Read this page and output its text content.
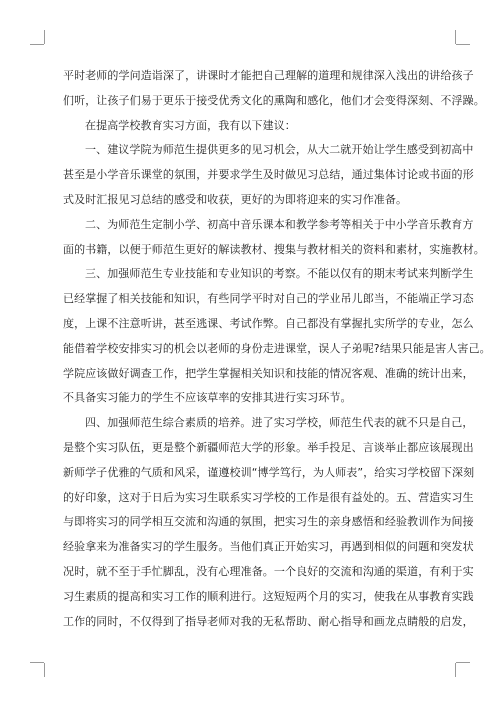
平时老师的学问造诣深了，讲课时才能把自己理解的道理和规律深入浅出的讲给孩子
们听，让孩子们易于更乐于接受优秀文化的熏陶和感化，他们才会变得深刻、不浮躁。
在提高学校教育实习方面，我有以下建议：
一、建议学院为师范生提供更多的见习机会，从大二就开始让学生感受到初高中
甚至是小学音乐课堂的氛围，并要求学生及时做见习总结，通过集体讨论或书面的形
式及时汇报见习总结的感受和收获，更好的为即将迎来的实习作准备。
二、为师范生定制小学、初高中音乐课本和教学参考等相关于中小学音乐教育方
面的书籍，以便于师范生更好的解读教材、搜集与教材相关的资料和素材，实施教材。
三、加强师范生专业技能和专业知识的考察。不能以仅有的期末考试来判断学生
已经掌握了相关技能和知识，有些同学平时对自己的学业吊儿郎当，不能端正学习态
度，上课不注意听讲，甚至逃课、考试作弊。自己都没有掌握扎实所学的专业，怎么
能借着学校安排实习的机会以老师的身份走进课堂，误人子弟呢?结果只能是害人害己。
学院应该做好调查工作，把学生掌握相关知识和技能的情况客观、准确的统计出来，
不具备实习能力的学生不应该草率的安排其进行实习环节。
四、加强师范生综合素质的培养。进了实习学校，师范生代表的就不只是自己，
是整个实习队伍，更是整个新疆师范大学的形象。举手投足、言谈举止都应该展现出
新师学子优雅的气质和风采，谨遵校训“博学笃行，为人师表”，给实习学校留下深刻
的好印象，这对于日后为实习生联系实习学校的工作是很有益处的。五、营造实习生
与即将实习的同学相互交流和沟通的氛围，把实习生的亲身感悟和经验教训作为间接
经验拿来为准备实习的学生服务。当他们真正开始实习，再遇到相似的问题和突发状
况时，就不至于手忙脚乱，没有心理准备。一个良好的交流和沟通的渠道，有利于实
习生素质的提高和实习工作的顺利进行。这短短两个月的实习，使我在从事教育实践
工作的同时，不仅得到了指导老师对我的无私帮助、耐心指导和画龙点睛般的启发，
